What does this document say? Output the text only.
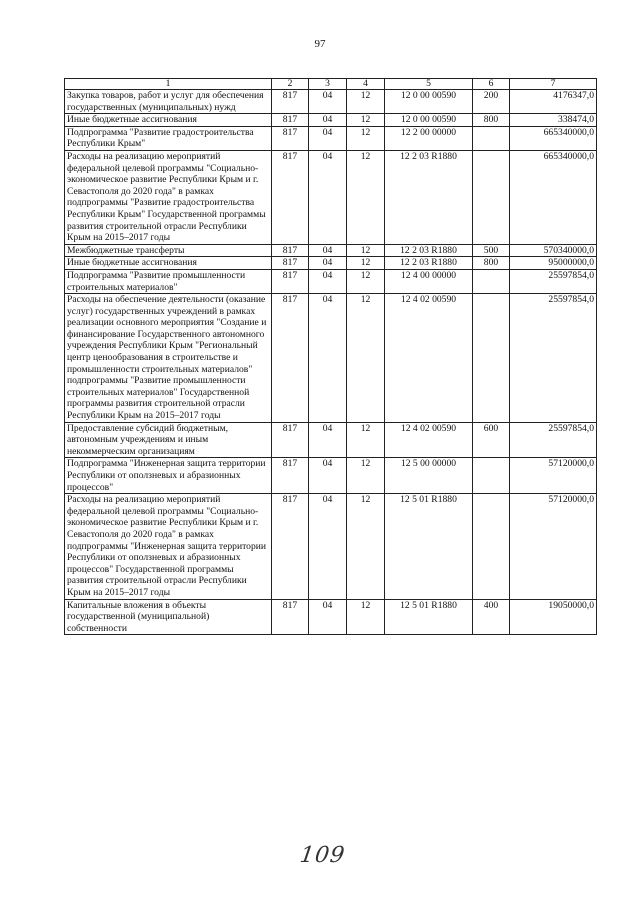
97
1	2	3	4	5	6	7
Закупка товаров, работ и услуг для обеспечения государственных (муниципальных) нужд	817	04	12	12 0 00 00590	200	4176347,0
Иные бюджетные ассигнования	817	04	12	12 0 00 00590	800	338474,0
Подпрограмма "Развитие градостроительства Республики Крым"	817	04	12	12 2 00 00000		665340000,0
Расходы на реализацию мероприятий федеральной целевой программы "Социально-экономическое развитие Республики Крым и г. Севастополя до 2020 года" в рамках подпрограммы "Развитие градостроительства Республики Крым" Государственной программы развития строительной отрасли Республики Крым на 2015–2017 годы	817	04	12	12 2 03 R1880		665340000,0
Межбюджетные трансферты	817	04	12	12 2 03 R1880	500	570340000,0
Иные бюджетные ассигнования	817	04	12	12 2 03 R1880	800	95000000,0
Подпрограмма "Развитие промышленности строительных материалов"	817	04	12	12 4 00 00000		25597854,0
Расходы на обеспечение деятельности (оказание услуг) государственных учреждений в рамках реализации основного мероприятия "Создание и финансирование Государственного автономного учреждения Республики Крым "Региональный центр ценообразования в строительстве и промышленности строительных материалов" подпрограммы "Развитие промышленности строительных материалов" Государственной программы развития строительной отрасли Республики Крым на 2015–2017 годы	817	04	12	12 4 02 00590		25597854,0
Предоставление субсидий бюджетным, автономным учреждениям и иным некоммерческим организациям	817	04	12	12 4 02 00590	600	25597854,0
Подпрограмма "Инженерная защита территории Республики от оползневых и абразионных процессов"	817	04	12	12 5 00 00000		57120000,0
Расходы на реализацию мероприятий федеральной целевой программы "Социально-экономическое развитие Республики Крым и г. Севастополя до 2020 года" в рамках подпрограммы "Инженерная защита территории Республики от оползневых и абразионных процессов" Государственной программы развития строительной отрасли Республики Крым на 2015–2017 годы	817	04	12	12 5 01 R1880		57120000,0
Капитальные вложения в объекты государственной (муниципальной) собственности	817	04	12	12 5 01 R1880	400	19050000,0
109
